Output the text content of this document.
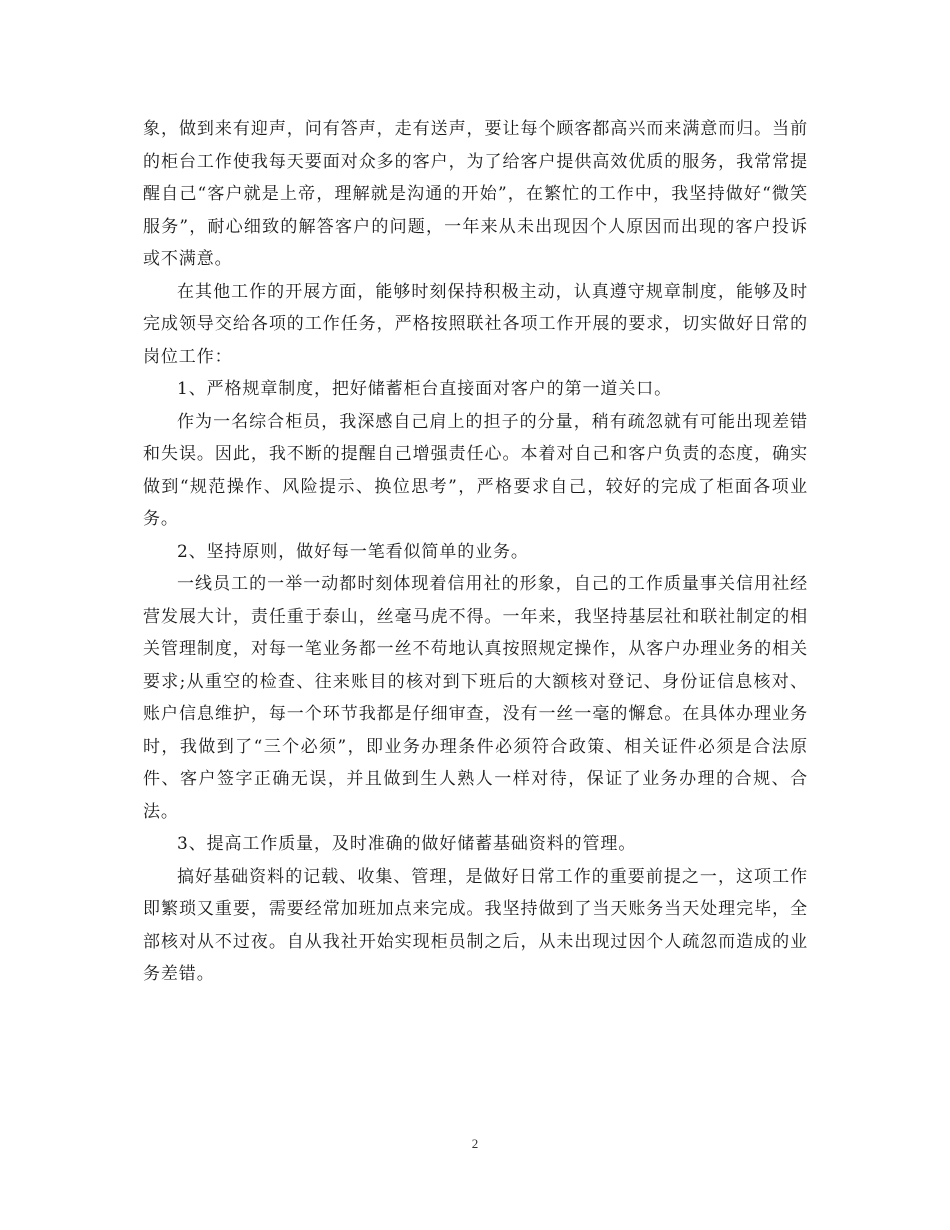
象，做到来有迎声，问有答声，走有送声，要让每个顾客都高兴而来满意而归。当前的柜台工作使我每天要面对众多的客户，为了给客户提供高效优质的服务，我常常提醒自己“客户就是上帝，理解就是沟通的开始”，在繁忙的工作中，我坚持做好“微笑服务”，耐心细致的解答客户的问题，一年来从未出现因个人原因而出现的客户投诉或不满意。

在其他工作的开展方面，能够时刻保持积极主动，认真遵守规章制度，能够及时完成领导交给各项的工作任务，严格按照联社各项工作开展的要求，切实做好日常的岗位工作：

1、严格规章制度，把好储蓄柜台直接面对客户的第一道关口。

作为一名综合柜员，我深感自己肩上的担子的分量，稍有疏忽就有可能出现差错和失误。因此，我不断的提醒自己增强责任心。本着对自己和客户负责的态度，确实做到“规范操作、风险提示、换位思考”，严格要求自己，较好的完成了柜面各项业务。

2、坚持原则，做好每一笔看似简单的业务。

一线员工的一举一动都时刻体现着信用社的形象，自己的工作质量事关信用社经营发展大计，责任重于泰山，丝毫马虎不得。一年来，我坚持基层社和联社制定的相关管理制度，对每一笔业务都一丝不苟地认真按照规定操作，从客户办理业务的相关要求;从重空的检查、往来账目的核对到下班后的大额核对登记、身份证信息核对、账户信息维护，每一个环节我都是仔细审查，没有一丝一毫的懈怠。在具体办理业务时，我做到了“三个必须”，即业务办理条件必须符合政策、相关证件必须是合法原件、客户签字正确无误，并且做到生人熟人一样对待，保证了业务办理的合规、合法。

3、提高工作质量，及时准确的做好储蓄基础资料的管理。

搞好基础资料的记载、收集、管理，是做好日常工作的重要前提之一，这项工作即繁琐又重要，需要经常加班加点来完成。我坚持做到了当天账务当天处理完毕，全部核对从不过夜。自从我社开始实现柜员制之后，从未出现过因个人疏忽而造成的业务差错。

2
